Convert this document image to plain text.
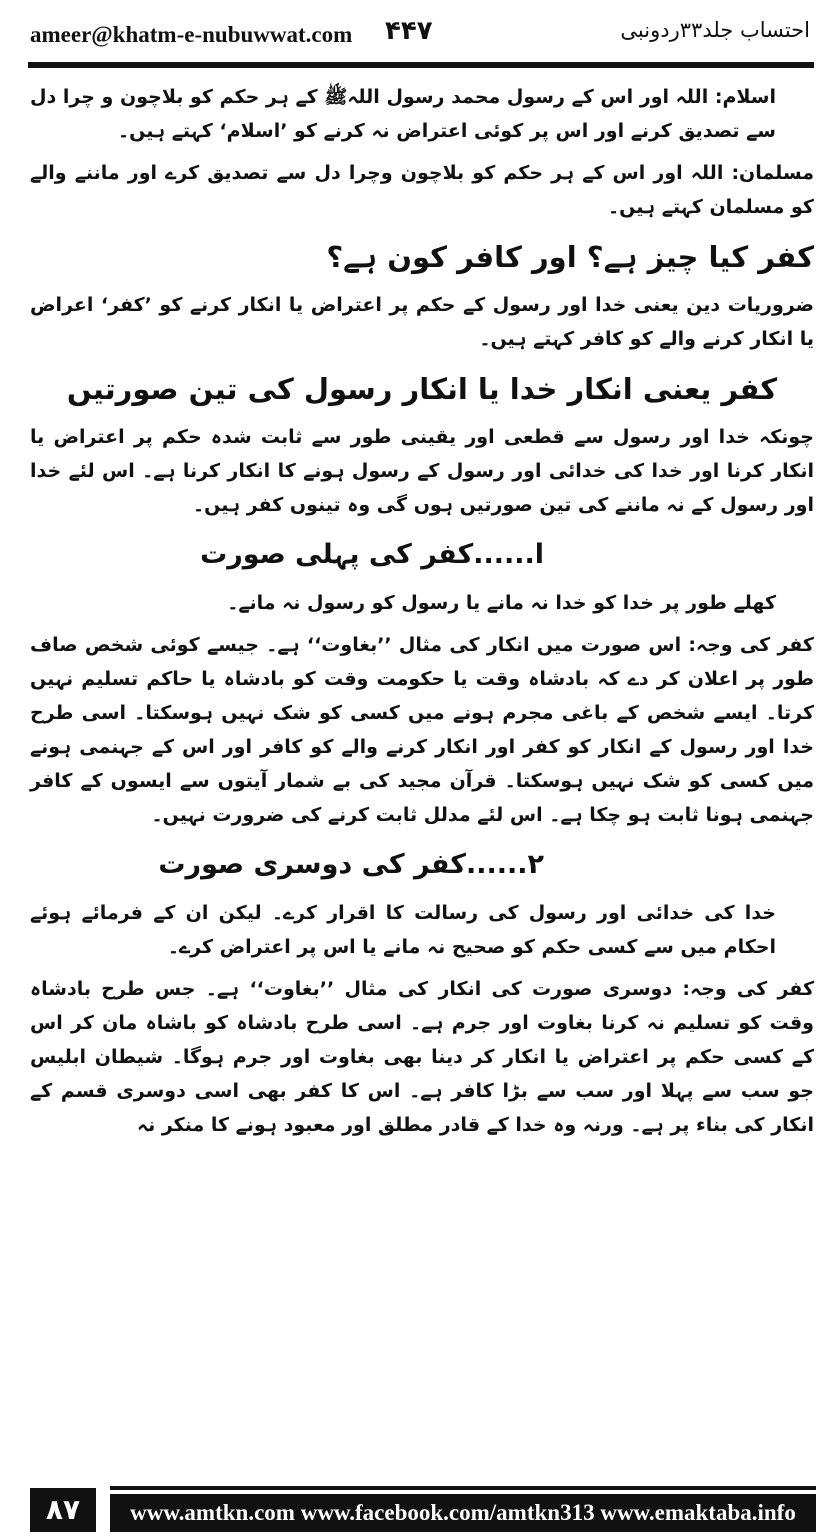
ameer@khatm-e-nubuwwat.com ۴۴۷	احتساب جلد۳۳ردونبی

اسلام: اللہ اور اس کے رسول محمد رسول اللہﷺ کے ہر حکم کو بلاچون و چرا دل سے تصدیق کرنے اور اس پر کوئی اعتراض نہ کرنے کو ’اسلام‘ کہتے ہیں۔

مسلمان: اللہ اور اس کے ہر حکم کو بلاچون وچرا دل سے تصدیق کرے اور ماننے والے کو مسلمان کہتے ہیں۔

کفر کیا چیز ہے؟ اور کافر کون ہے؟

ضروریات دین یعنی خدا اور رسول کے حکم پر اعتراض یا انکار کرنے کو ’کفر‘ اعراض یا انکار کرنے والے کو کافر کہتے ہیں۔

کفر یعنی انکار خدا یا انکار رسول کی تین صورتیں

چونکہ خدا اور رسول سے قطعی اور یقینی طور سے ثابت شدہ حکم پر اعتراض یا انکار کرنا اور خدا کی خدائی اور رسول کے رسول ہونے کا انکار کرنا ہے۔ اس لئے خدا اور رسول کے نہ ماننے کی تین صورتیں ہوں گی وہ تینوں کفر ہیں۔

ا......کفر کی پہلی صورت

کھلے طور پر خدا کو خدا نہ مانے یا رسول کو رسول نہ مانے۔

کفر کی وجہ: اس صورت میں انکار کی مثال ’’بغاوت‘‘ ہے۔ جیسے کوئی شخص صاف طور پر اعلان کر دے کہ بادشاہ وقت یا حکومت وقت کو بادشاہ یا حاکم تسلیم نہیں کرتا۔ ایسے شخص کے باغی مجرم ہونے میں کسی کو شک نہیں ہوسکتا۔ اسی طرح خدا اور رسول کے انکار کو کفر اور انکار کرنے والے کو کافر اور اس کے جہنمی ہونے میں کسی کو شک نہیں ہوسکتا۔ قرآن مجید کی بے شمار آیتوں سے ایسوں کے کافر جہنمی ہونا ثابت ہو چکا ہے۔ اس لئے مدلل ثابت کرنے کی ضرورت نہیں۔

۲......کفر کی دوسری صورت

خدا کی خدائی اور رسول کی رسالت کا اقرار کرے۔ لیکن ان کے فرمائے ہوئے احکام میں سے کسی حکم کو صحیح نہ مانے یا اس پر اعتراض کرے۔

کفر کی وجہ: دوسری صورت کی انکار کی مثال ’’بغاوت‘‘ ہے۔ جس طرح بادشاہ وقت کو تسلیم نہ کرنا بغاوت اور جرم ہے۔ اسی طرح بادشاہ کو باشاہ مان کر اس کے کسی حکم پر اعتراض یا انکار کر دینا بھی بغاوت اور جرم ہوگا۔ شیطان ابلیس جو سب سے پہلا اور سب سے بڑا کافر ہے۔ اس کا کفر بھی اسی دوسری قسم کے انکار کی بناء پر ہے۔ ورنہ وہ خدا کے قادر مطلق اور معبود ہونے کا منکر نہ

۸۷	www.amtkn.com www.facebook.com/amtkn313 www.emaktaba.info
